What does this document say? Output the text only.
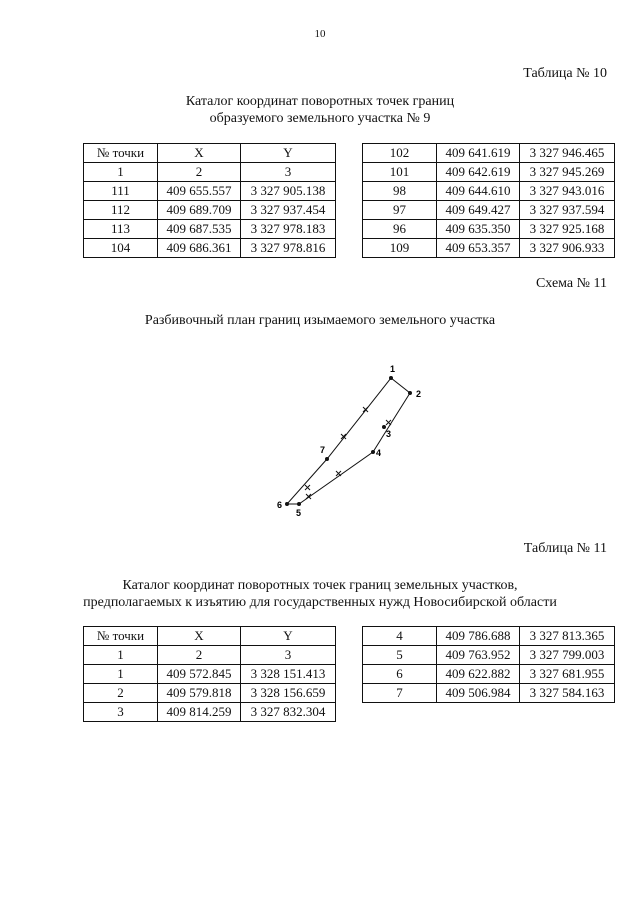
10
Таблица № 10
Каталог координат поворотных точек границ
образуемого земельного участка № 9
№ точки	X	Y
1	2	3
111	409 655.557	3 327 905.138
112	409 689.709	3 327 937.454
113	409 687.535	3 327 978.183
104	409 686.361	3 327 978.816
102	409 641.619	3 327 946.465
101	409 642.619	3 327 945.269
98	409 644.610	3 327 943.016
97	409 649.427	3 327 937.594
96	409 635.350	3 327 925.168
109	409 653.357	3 327 906.933
Схема № 11
Разбивочный план границ изымаемого земельного участка
1
2
3
4
5
6
7
Таблица № 11
Каталог координат поворотных точек границ земельных участков,
предполагаемых к изъятию для государственных нужд Новосибирской области
№ точки	X	Y
1	2	3
1	409 572.845	3 328 151.413
2	409 579.818	3 328 156.659
3	409 814.259	3 327 832.304
4	409 786.688	3 327 813.365
5	409 763.952	3 327 799.003
6	409 622.882	3 327 681.955
7	409 506.984	3 327 584.163
